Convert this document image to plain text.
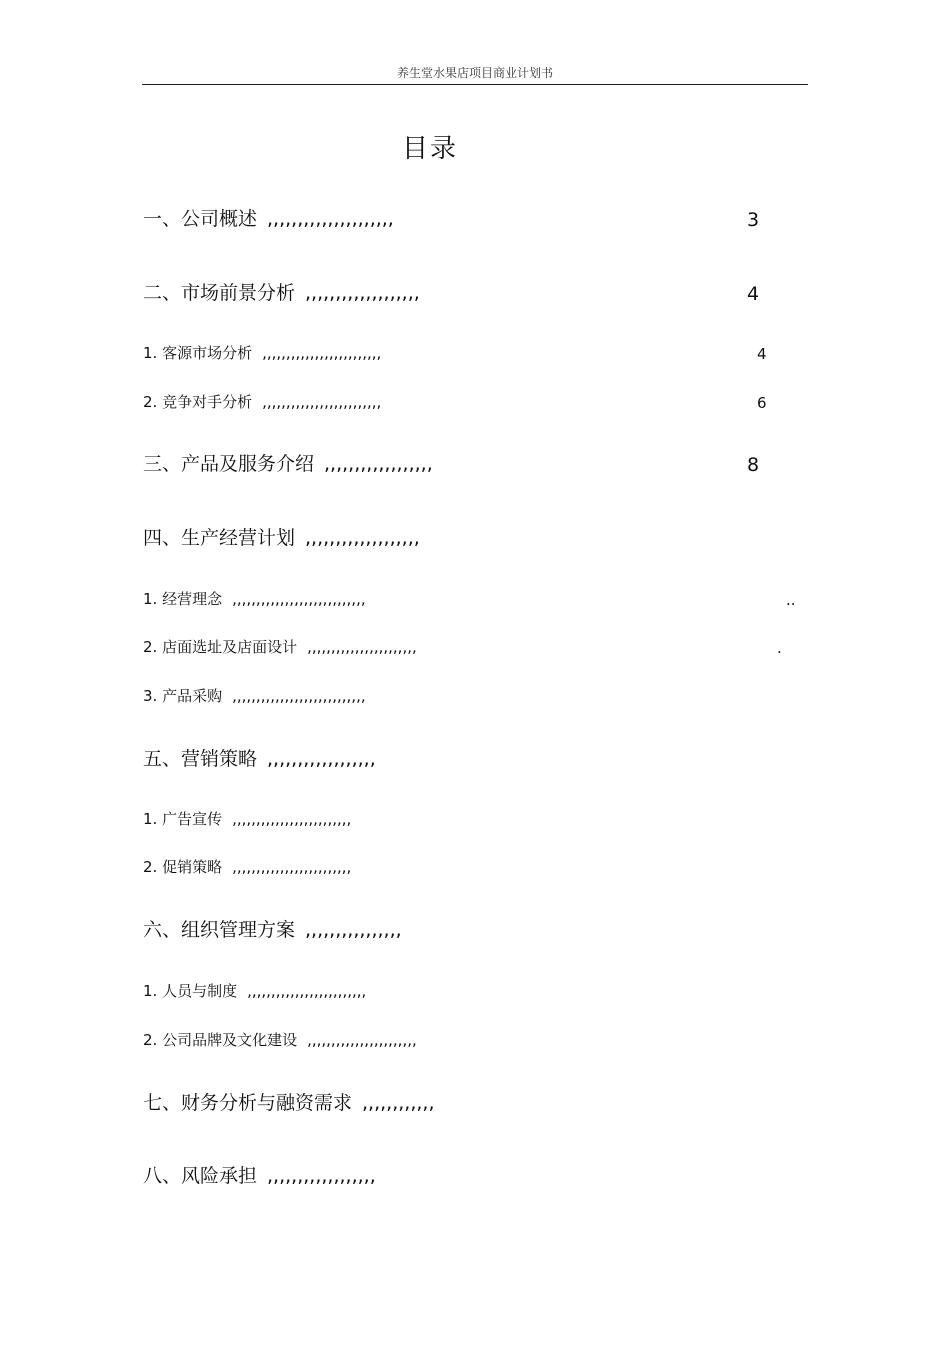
养生堂水果店项目商业计划书
目录
一、公司概述 ,,,,,,,,,,,,,,,,,,,,,	3
二、市场前景分析 ,,,,,,,,,,,,,,,,,,,	4
1. 客源市场分析 ,,,,,,,,,,,,,,,,,,,,,,,,,	4
2. 竞争对手分析 ,,,,,,,,,,,,,,,,,,,,,,,,,	6
三、产品及服务介绍 ,,,,,,,,,,,,,,,,,,	8
四、生产经营计划 ,,,,,,,,,,,,,,,,,,,
1. 经营理念 ,,,,,,,,,,,,,,,,,,,,,,,,,,,,	..
2. 店面选址及店面设计 ,,,,,,,,,,,,,,,,,,,,,,,	.
3. 产品采购 ,,,,,,,,,,,,,,,,,,,,,,,,,,,,
五、营销策略 ,,,,,,,,,,,,,,,,,,
1. 广告宣传 ,,,,,,,,,,,,,,,,,,,,,,,,,
2. 促销策略 ,,,,,,,,,,,,,,,,,,,,,,,,,
六、组织管理方案 ,,,,,,,,,,,,,,,,
1. 人员与制度 ,,,,,,,,,,,,,,,,,,,,,,,,,
2. 公司品牌及文化建设 ,,,,,,,,,,,,,,,,,,,,,,,
七、财务分析与融资需求 ,,,,,,,,,,,,
八、风险承担 ,,,,,,,,,,,,,,,,,,
